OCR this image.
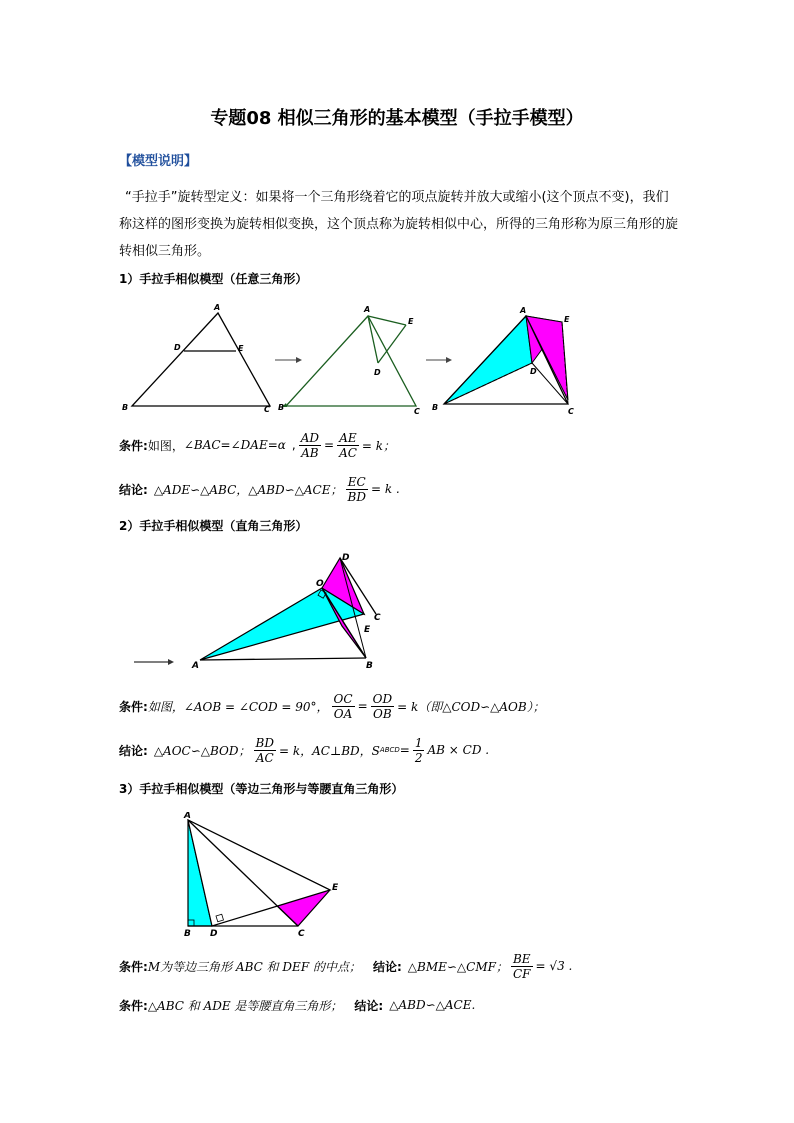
专题08 相似三角形的基本模型（手拉手模型）
【模型说明】
“手拉手”旋转型定义：如果将一个三角形绕着它的项点旋转并放大或缩小(这个顶点不变)，我们称这样的图形变换为旋转相似变换，这个顶点称为旋转相似中心，所得的三角形称为原三角形的旋转相似三角形。
1）手拉手相似模型（任意三角形）
A
D	E
B	C
A
E
D
B	C
A
E
D
B	C
条件: 如图， ∠BAC=∠DAE=α , $\frac{AD}{AB} = \frac{AE}{AC} = k$；
结论: △ADE∽△ABC，△ABD∽△ACE； $\frac{EC}{BD} = k$ .
2）手拉手相似模型（直角三角形）
D
O
C
E
A	B
条件: 如图，∠AOB = ∠COD = 90°， $\frac{OC}{OA} = \frac{OD}{OB} = k$（即△COD∽△AOB）；
结论: △AOC∽△BOD； $\frac{BD}{AC} = k$，AC⊥BD，S ABCD = $\frac{1}{2}$ AB × CD .
3）手拉手相似模型（等边三角形与等腰直角三角形）
A
E
B D	C
条件: M为等边三角形 ABC 和 DEF 的中点； 结论: △BME∽△CMF； $\frac{BE}{CF} = √3$ .
条件: △ABC 和 ADE 是等腰直角三角形； 结论: △ABD∽△ACE.
